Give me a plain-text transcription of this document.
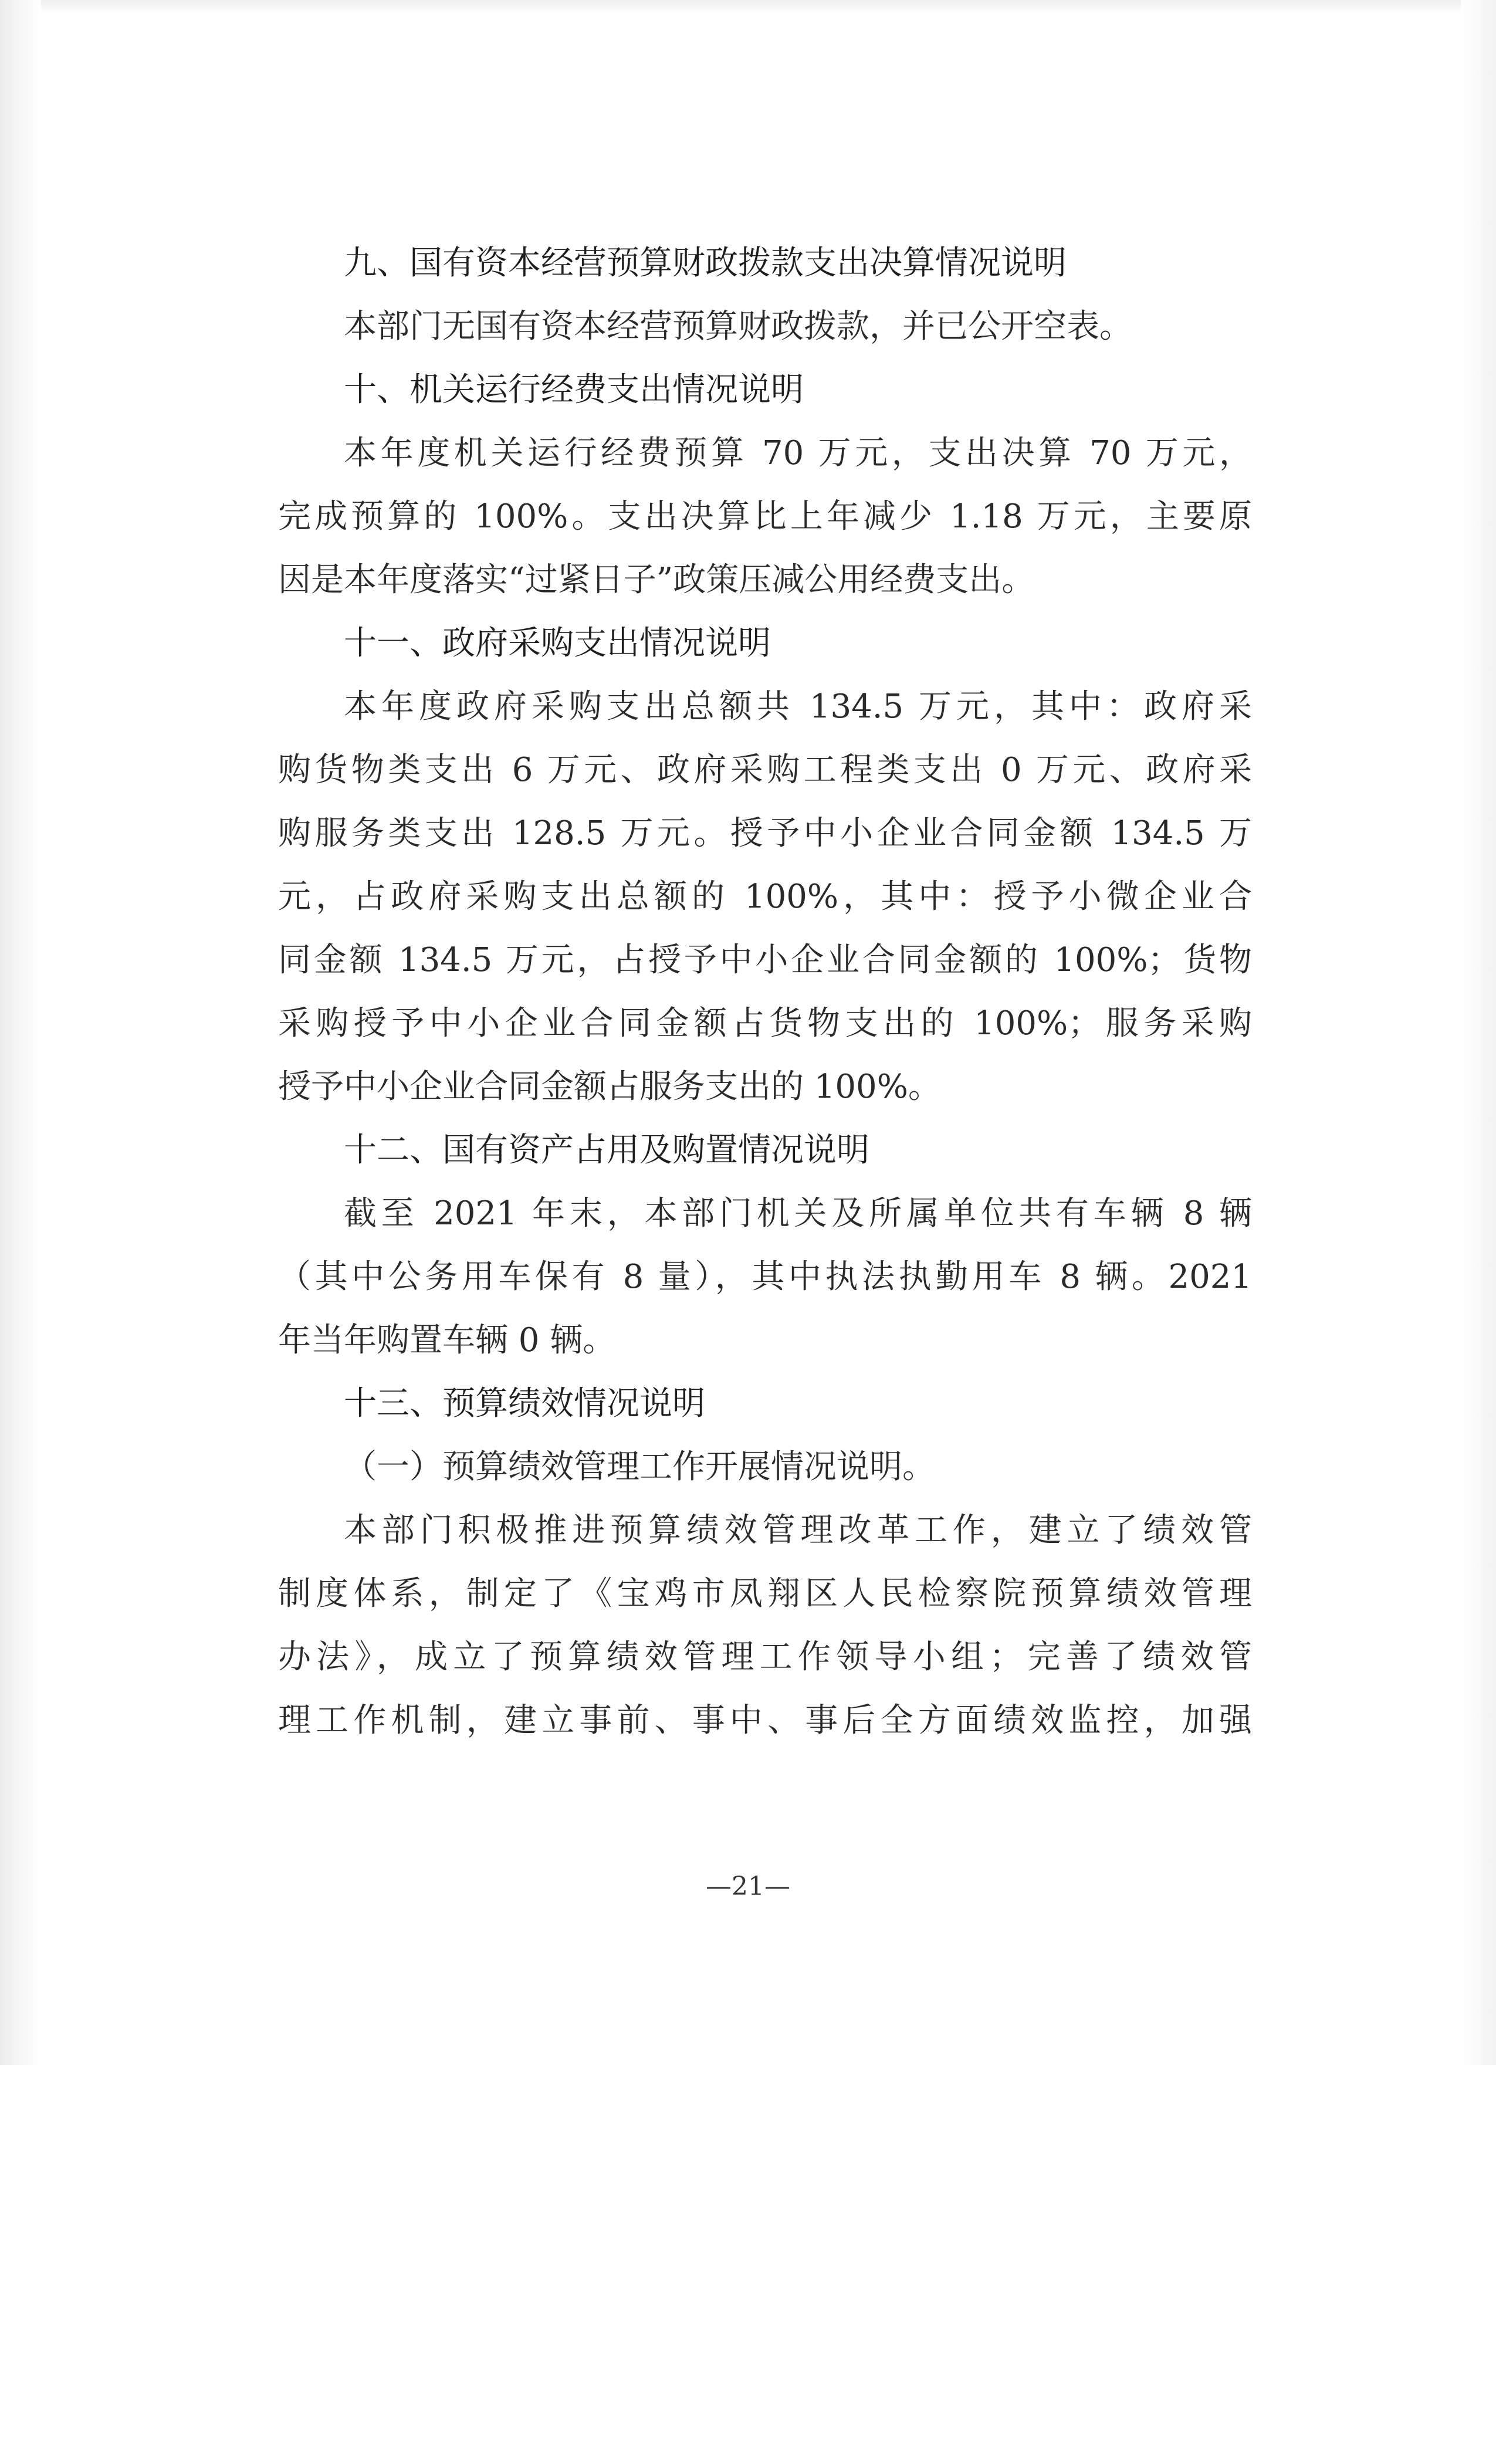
九、国有资本经营预算财政拨款支出决算情况说明

本部门无国有资本经营预算财政拨款，并已公开空表。

十、机关运行经费支出情况说明

本年度机关运行经费预算 70 万元，支出决算 70 万元，
完成预算的 100%。支出决算比上年减少 1.18 万元，主要原
因是本年度落实“过紧日子”政策压减公用经费支出。

十一、政府采购支出情况说明

本年度政府采购支出总额共 134.5 万元，其中：政府采
购货物类支出 6 万元、政府采购工程类支出 0 万元、政府采
购服务类支出 128.5 万元。授予中小企业合同金额 134.5 万
元，占政府采购支出总额的 100%，其中：授予小微企业合
同金额 134.5 万元，占授予中小企业合同金额的 100%；货物
采购授予中小企业合同金额占货物支出的 100%；服务采购
授予中小企业合同金额占服务支出的 100%。

十二、国有资产占用及购置情况说明

截至 2021 年末，本部门机关及所属单位共有车辆 8 辆
（其中公务用车保有 8 量），其中执法执勤用车 8 辆。2021
年当年购置车辆 0 辆。

十三、预算绩效情况说明

（一）预算绩效管理工作开展情况说明。

本部门积极推进预算绩效管理改革工作，建立了绩效管
制度体系，制定了《宝鸡市凤翔区人民检察院预算绩效管理
办法》，成立了预算绩效管理工作领导小组；完善了绩效管
理工作机制，建立事前、事中、事后全方面绩效监控，加强

—21—
